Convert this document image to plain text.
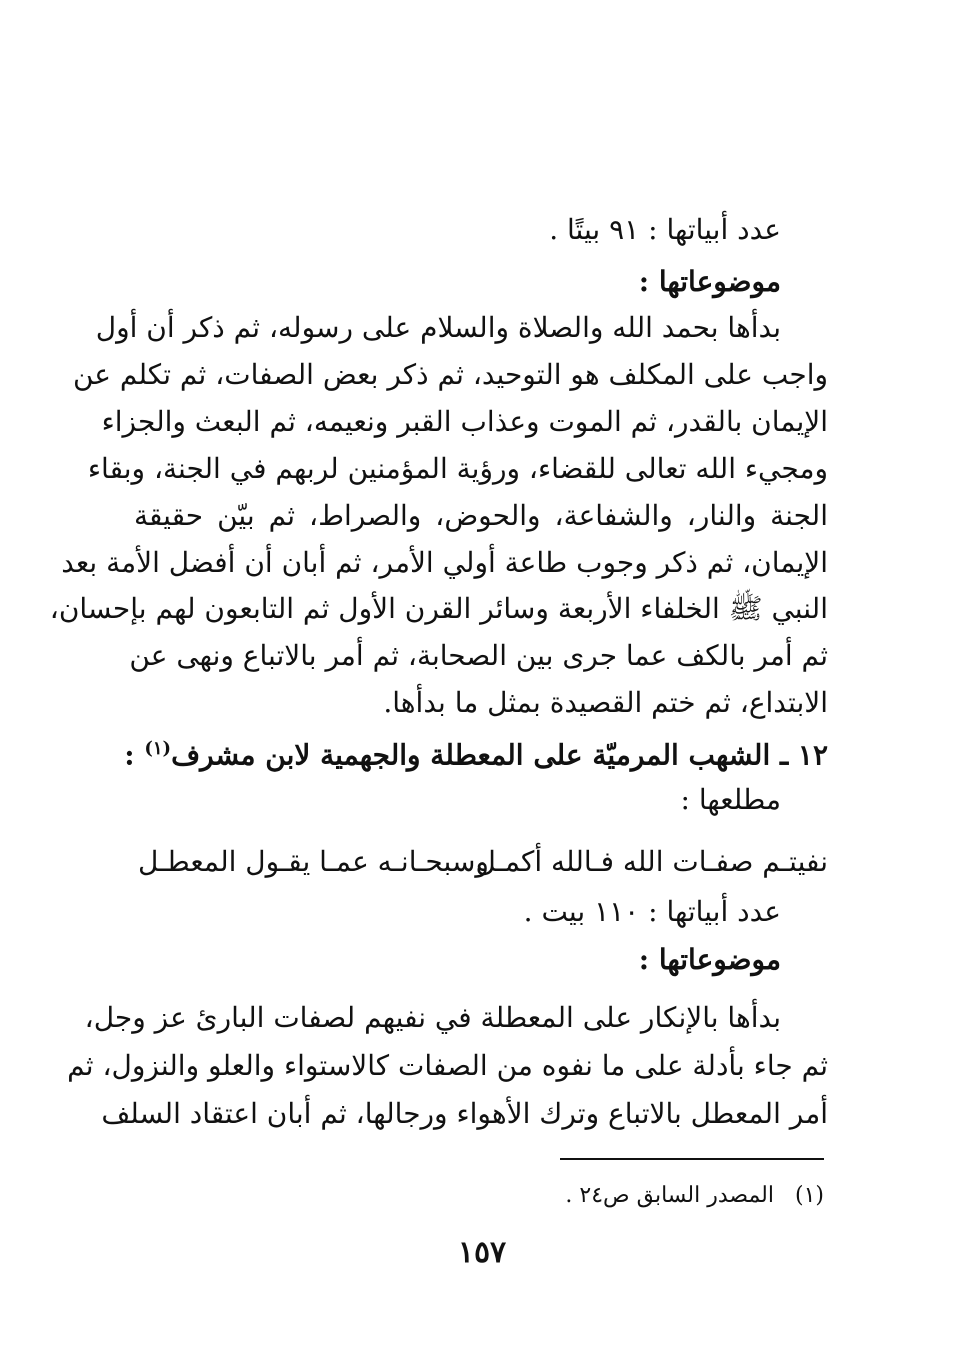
عدد أبياتها : ٩١ بيتًا .
موضوعاتها :
بدأها بحمد الله والصلاة والسلام على رسوله، ثم ذكر أن أول
واجب على المكلف هو التوحيد، ثم ذكر بعض الصفات، ثم تكلم عن
الإيمان بالقدر، ثم الموت وعذاب القبر ونعيمه، ثم البعث والجزاء
ومجيء الله تعالى للقضاء، ورؤية المؤمنين لربهم في الجنة، وبقاء
الجنة والنار، والشفاعة، والحوض، والصراط، ثم بيّن حقيقة
الإيمان، ثم ذكر وجوب طاعة أولي الأمر، ثم أبان أن أفضل الأمة بعد
النبي ﷺ الخلفاء الأربعة وسائر القرن الأول ثم التابعون لهم بإحسان،
ثم أمر بالكف عما جرى بين الصحابة، ثم أمر بالاتباع ونهى عن
الابتداع، ثم ختم القصيدة بمثل ما بدأها.
١٢ ـ الشهب المرميّة على المعطلة والجهمية لابن مشرف$^{(١)}$ :
مطلعها :
نفيتـم صفـات الله فـالله أكمـل
وسبحـانـه عمـا يقـول المعطـل
عدد أبياتها : ١١٠ بيت .
موضوعاتها :
بدأها بالإنكار على المعطلة في نفيهم لصفات البارئ عز وجل،
ثم جاء بأدلة على ما نفوه من الصفات كالاستواء والعلو والنزول، ثم
أمر المعطل بالاتباع وترك الأهواء ورجالها، ثم أبان اعتقاد السلف
(١)   المصدر السابق ص٢٤ .
١٥٧
